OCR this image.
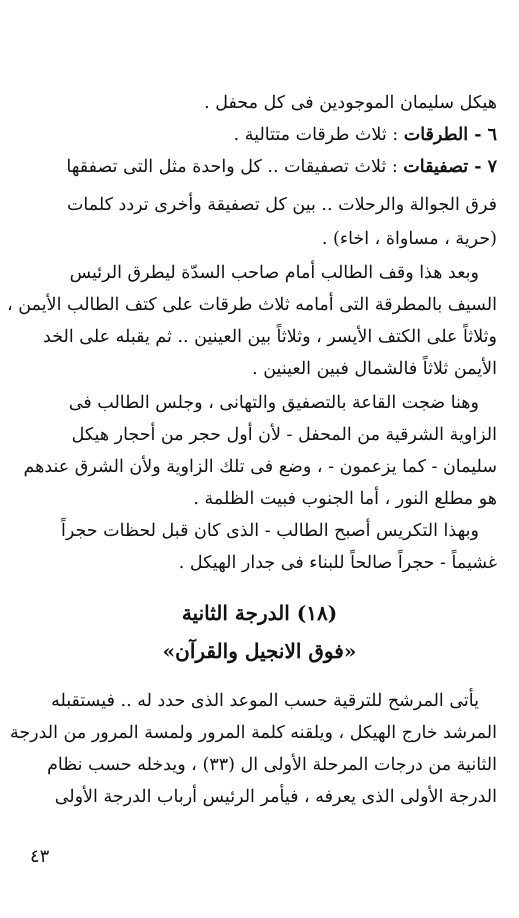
هيكل سليمان الموجودين فى كل محفل .
٦ - الطرقات : ثلاث طرقات متتالية .
٧ - تصفيقات : ثلاث تصفيقات .. كل واحدة مثل التى تصفقها
فرق الجوالة والرحلات .. بين كل تصفيقة وأخرى تردد كلمات
(حرية ، مساواة ، اخاء) .
وبعد هذا وقف الطالب أمام صاحب السدّة ليطرق الرئيس
السيف بالمطرقة التى أمامه ثلاث طرقات على كتف الطالب الأيمن ،
وثلاثاً على الكتف الأيسر ، وثلاثاً بين العينين .. ثم يقبله على الخد
الأيمن ثلاثاً فالشمال فبين العينين .
وهنا ضجت القاعة بالتصفيق والتهانى ، وجلس الطالب فى
الزاوية الشرقية من المحفل - لأن أول حجر من أحجار هيكل
سليمان - كما يزعمون - ، وضع فى تلك الزاوية ولأن الشرق عندهم
هو مطلع النور ، أما الجنوب فبيت الظلمة .
وبهذا التكريس أصبح الطالب - الذى كان قبل لحظات حجراً
غشيماً - حجراً صالحاً للبناء فى جدار الهيكل .
(١٨) الدرجة الثانية
«فوق الانجيل والقرآن»
يأتى المرشح للترقية حسب الموعد الذى حدد له .. فيستقبله
المرشد خارج الهيكل ، ويلقنه كلمة المرور ولمسة المرور من الدرجة
الثانية من درجات المرحلة الأولى ال (٣٣) ، ويدخله حسب نظام
الدرجة الأولى الذى يعرفه ، فيأمر الرئيس أرباب الدرجة الأولى
٤٣
